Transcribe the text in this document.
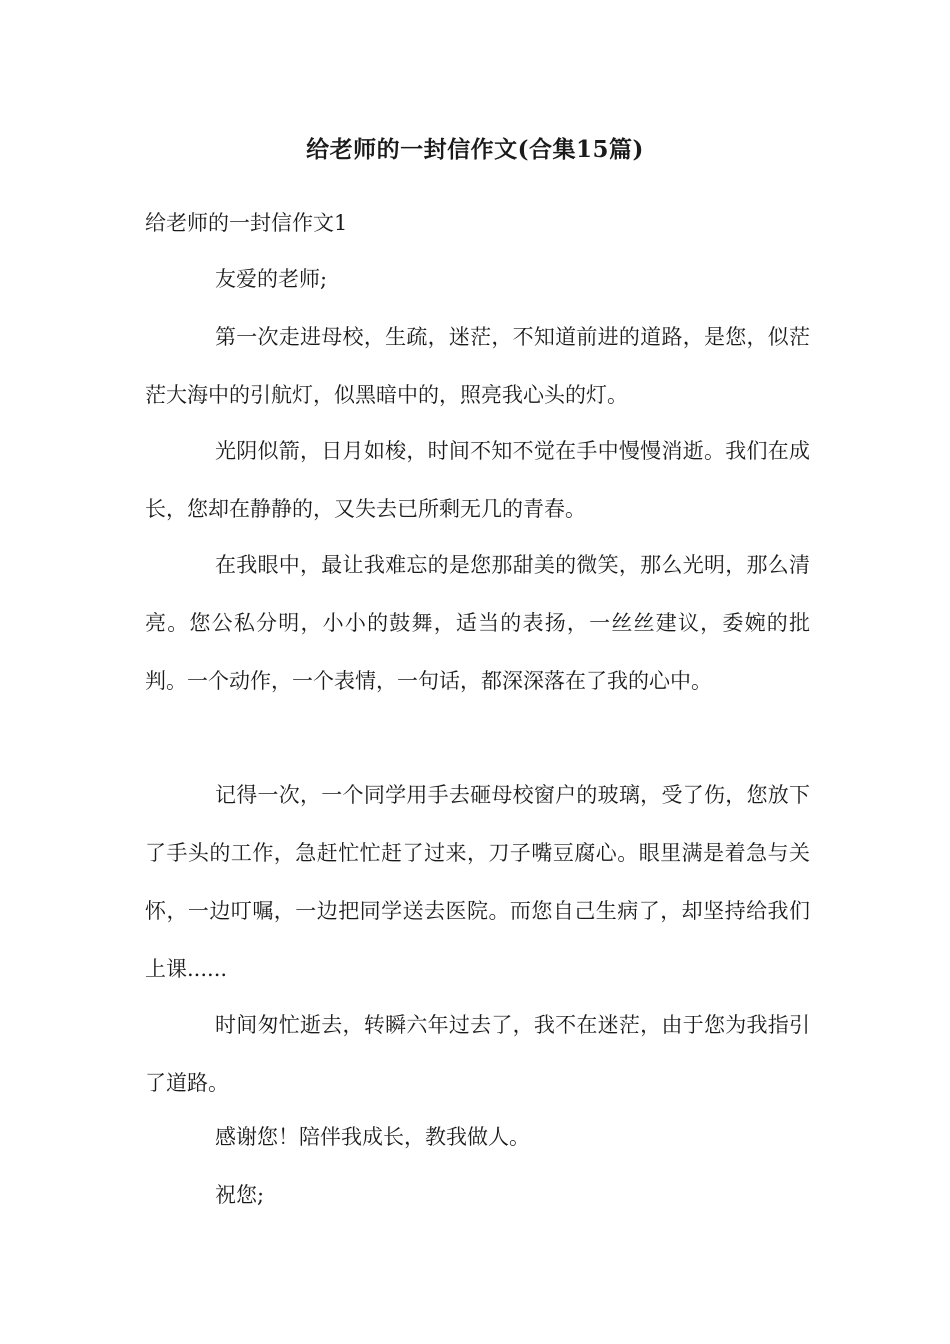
给老师的一封信作文(合集15篇)
给老师的一封信作文1
友爱的老师;
第一次走进母校，生疏，迷茫，不知道前进的道路，是您，似茫茫大海中的引航灯，似黑暗中的，照亮我心头的灯。
光阴似箭，日月如梭，时间不知不觉在手中慢慢消逝。我们在成长，您却在静静的，又失去已所剩无几的青春。
在我眼中，最让我难忘的是您那甜美的微笑，那么光明，那么清亮。您公私分明，小小的鼓舞，适当的表扬，一丝丝建议，委婉的批判。一个动作，一个表情，一句话，都深深落在了我的心中。
记得一次，一个同学用手去砸母校窗户的玻璃，受了伤，您放下了手头的工作，急赶忙忙赶了过来，刀子嘴豆腐心。眼里满是着急与关怀，一边叮嘱，一边把同学送去医院。而您自己生病了，却坚持给我们上课......
时间匆忙逝去，转瞬六年过去了，我不在迷茫，由于您为我指引了道路。
感谢您！陪伴我成长，教我做人。
祝您;
